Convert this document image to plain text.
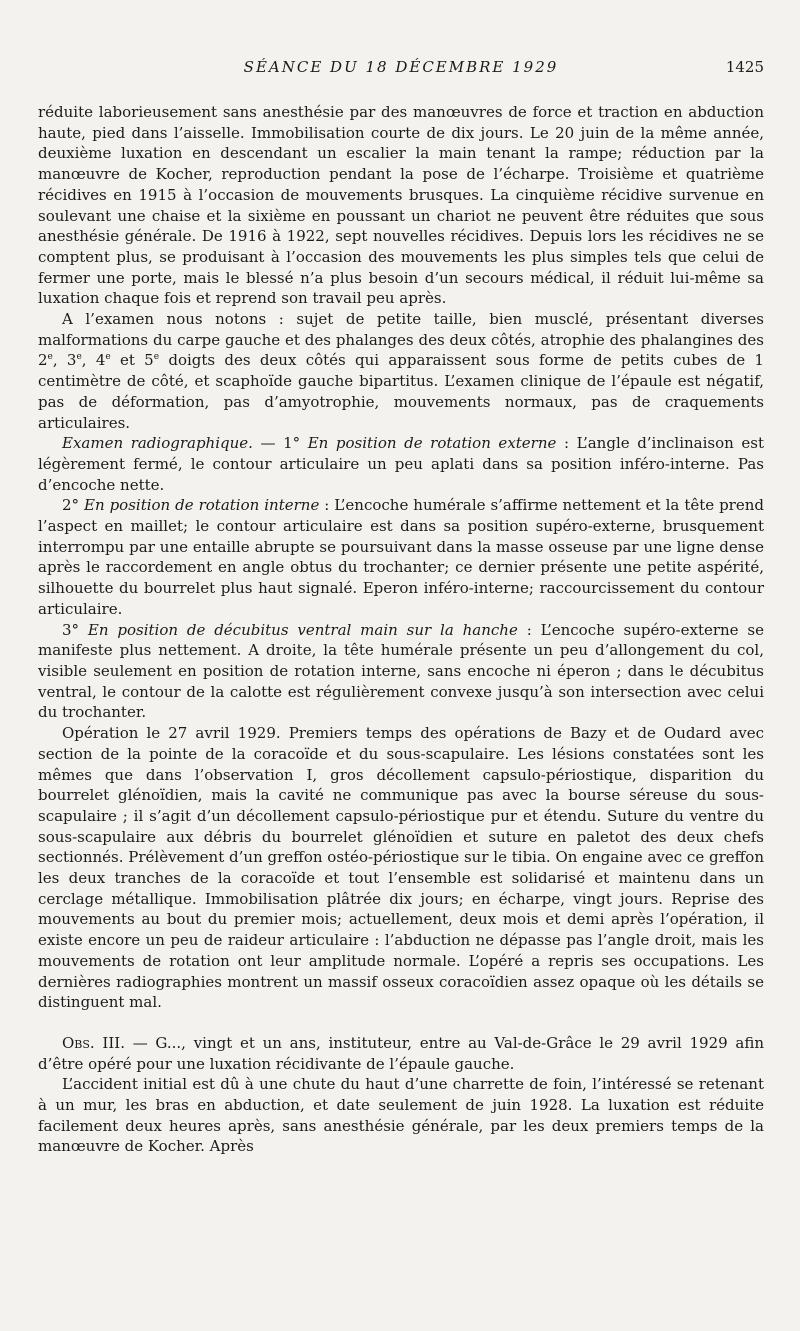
SÉANCE DU 18 DÉCEMBRE 1929	1425

réduite laborieusement sans anesthésie par des manœuvres de force et traction en abduction haute, pied dans l’aisselle. Immobilisation courte de dix jours. Le 20 juin de la même année, deuxième luxation en descendant un escalier la main tenant la rampe; réduction par la manœuvre de Kocher, reproduction pendant la pose de l’écharpe. Troisième et quatrième récidives en 1915 à l’occasion de mouvements brusques. La cinquième récidive survenue en soulevant une chaise et la sixième en poussant un chariot ne peuvent être réduites que sous anesthésie générale. De 1916 à 1922, sept nouvelles récidives. Depuis lors les récidives ne se comptent plus, se produisant à l’occasion des mouvements les plus simples tels que celui de fermer une porte, mais le blessé n’a plus besoin d’un secours médical, il réduit lui-même sa luxation chaque fois et reprend son travail peu après.

A l’examen nous notons : sujet de petite taille, bien musclé, présentant diverses malformations du carpe gauche et des phalanges des deux côtés, atrophie des phalangines des 2e, 3e, 4e et 5e doigts des deux côtés qui apparaissent sous forme de petits cubes de 1 centimètre de côté, et scaphoïde gauche bipartitus. L’examen clinique de l’épaule est négatif, pas de déformation, pas d’amyotrophie, mouvements normaux, pas de craquements articulaires.

Examen radiographique. — 1° En position de rotation externe : L’angle d’inclinaison est légèrement fermé, le contour articulaire un peu aplati dans sa position inféro-interne. Pas d’encoche nette.

2° En position de rotation interne : L’encoche humérale s’affirme nettement et la tête prend l’aspect en maillet; le contour articulaire est dans sa position supéro-externe, brusquement interrompu par une entaille abrupte se poursuivant dans la masse osseuse par une ligne dense après le raccordement en angle obtus du trochanter; ce dernier présente une petite aspérité, silhouette du bourrelet plus haut signalé. Eperon inféro-interne; raccourcissement du contour articulaire.

3° En position de décubitus ventral main sur la hanche : L’encoche supéro-externe se manifeste plus nettement. A droite, la tête humérale présente un peu d’allongement du col, visible seulement en position de rotation interne, sans encoche ni éperon ; dans le décubitus ventral, le contour de la calotte est régulièrement convexe jusqu’à son intersection avec celui du trochanter.

Opération le 27 avril 1929. Premiers temps des opérations de Bazy et de Oudard avec section de la pointe de la coracoïde et du sous-scapulaire. Les lésions constatées sont les mêmes que dans l’observation I, gros décollement capsulo-périostique, disparition du bourrelet glénoïdien, mais la cavité ne communique pas avec la bourse séreuse du sous-scapulaire ; il s’agit d’un décollement capsulo-périostique pur et étendu. Suture du ventre du sous-scapulaire aux débris du bourrelet glénoïdien et suture en paletot des deux chefs sectionnés. Prélèvement d’un greffon ostéo-périostique sur le tibia. On engaine avec ce greffon les deux tranches de la coracoïde et tout l’ensemble est solidarisé et maintenu dans un cerclage métallique. Immobilisation plâtrée dix jours; en écharpe, vingt jours. Reprise des mouvements au bout du premier mois; actuellement, deux mois et demi après l’opération, il existe encore un peu de raideur articulaire : l’abduction ne dépasse pas l’angle droit, mais les mouvements de rotation ont leur amplitude normale. L’opéré a repris ses occupations. Les dernières radiographies montrent un massif osseux coracoïdien assez opaque où les détails se distinguent mal.

Obs. III. — G..., vingt et un ans, instituteur, entre au Val-de-Grâce le 29 avril 1929 afin d’être opéré pour une luxation récidivante de l’épaule gauche.

L’accident initial est dû à une chute du haut d’une charrette de foin, l’intéressé se retenant à un mur, les bras en abduction, et date seulement de juin 1928. La luxation est réduite facilement deux heures après, sans anesthésie générale, par les deux premiers temps de la manœuvre de Kocher. Après
